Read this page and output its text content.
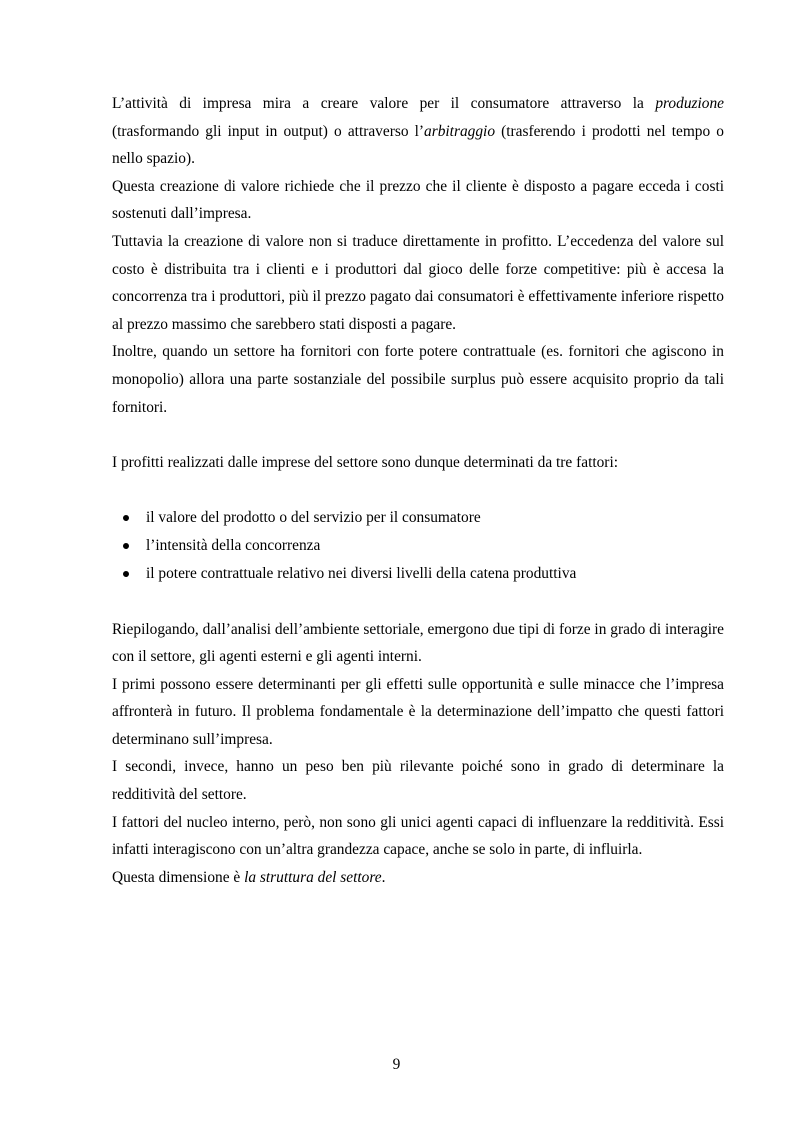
L’attività di impresa mira a creare valore per il consumatore attraverso la produzione (trasformando gli input in output) o attraverso l’arbitraggio (trasferendo i prodotti nel tempo o nello spazio).

Questa creazione di valore richiede che il prezzo che il cliente è disposto a pagare ecceda i costi sostenuti dall’impresa.

Tuttavia la creazione di valore non si traduce direttamente in profitto. L’eccedenza del valore sul costo è distribuita tra i clienti e i produttori dal gioco delle forze competitive: più è accesa la concorrenza tra i produttori, più il prezzo pagato dai consumatori è effettivamente inferiore rispetto al prezzo massimo che sarebbero stati disposti a pagare.

Inoltre, quando un settore ha fornitori con forte potere contrattuale (es. fornitori che agiscono in monopolio) allora una parte sostanziale del possibile surplus può essere acquisito proprio da tali fornitori.

I profitti realizzati dalle imprese del settore sono dunque determinati da tre fattori:

il valore del prodotto o del servizio per il consumatore
l’intensità della concorrenza
il potere contrattuale relativo nei diversi livelli della catena produttiva

Riepilogando, dall’analisi dell’ambiente settoriale, emergono due tipi di forze in grado di interagire con il settore, gli agenti esterni e gli agenti interni.

I primi possono essere determinanti per gli effetti sulle opportunità e sulle minacce che l’impresa affronterà in futuro. Il problema fondamentale è la determinazione dell’impatto che questi fattori determinano sull’impresa.

I secondi, invece, hanno un peso ben più rilevante poiché sono in grado di determinare la redditività del settore.

I fattori del nucleo interno, però, non sono gli unici agenti capaci di influenzare la redditività. Essi infatti interagiscono con un’altra grandezza capace, anche se solo in parte, di influirla.

Questa dimensione è la struttura del settore.

9
